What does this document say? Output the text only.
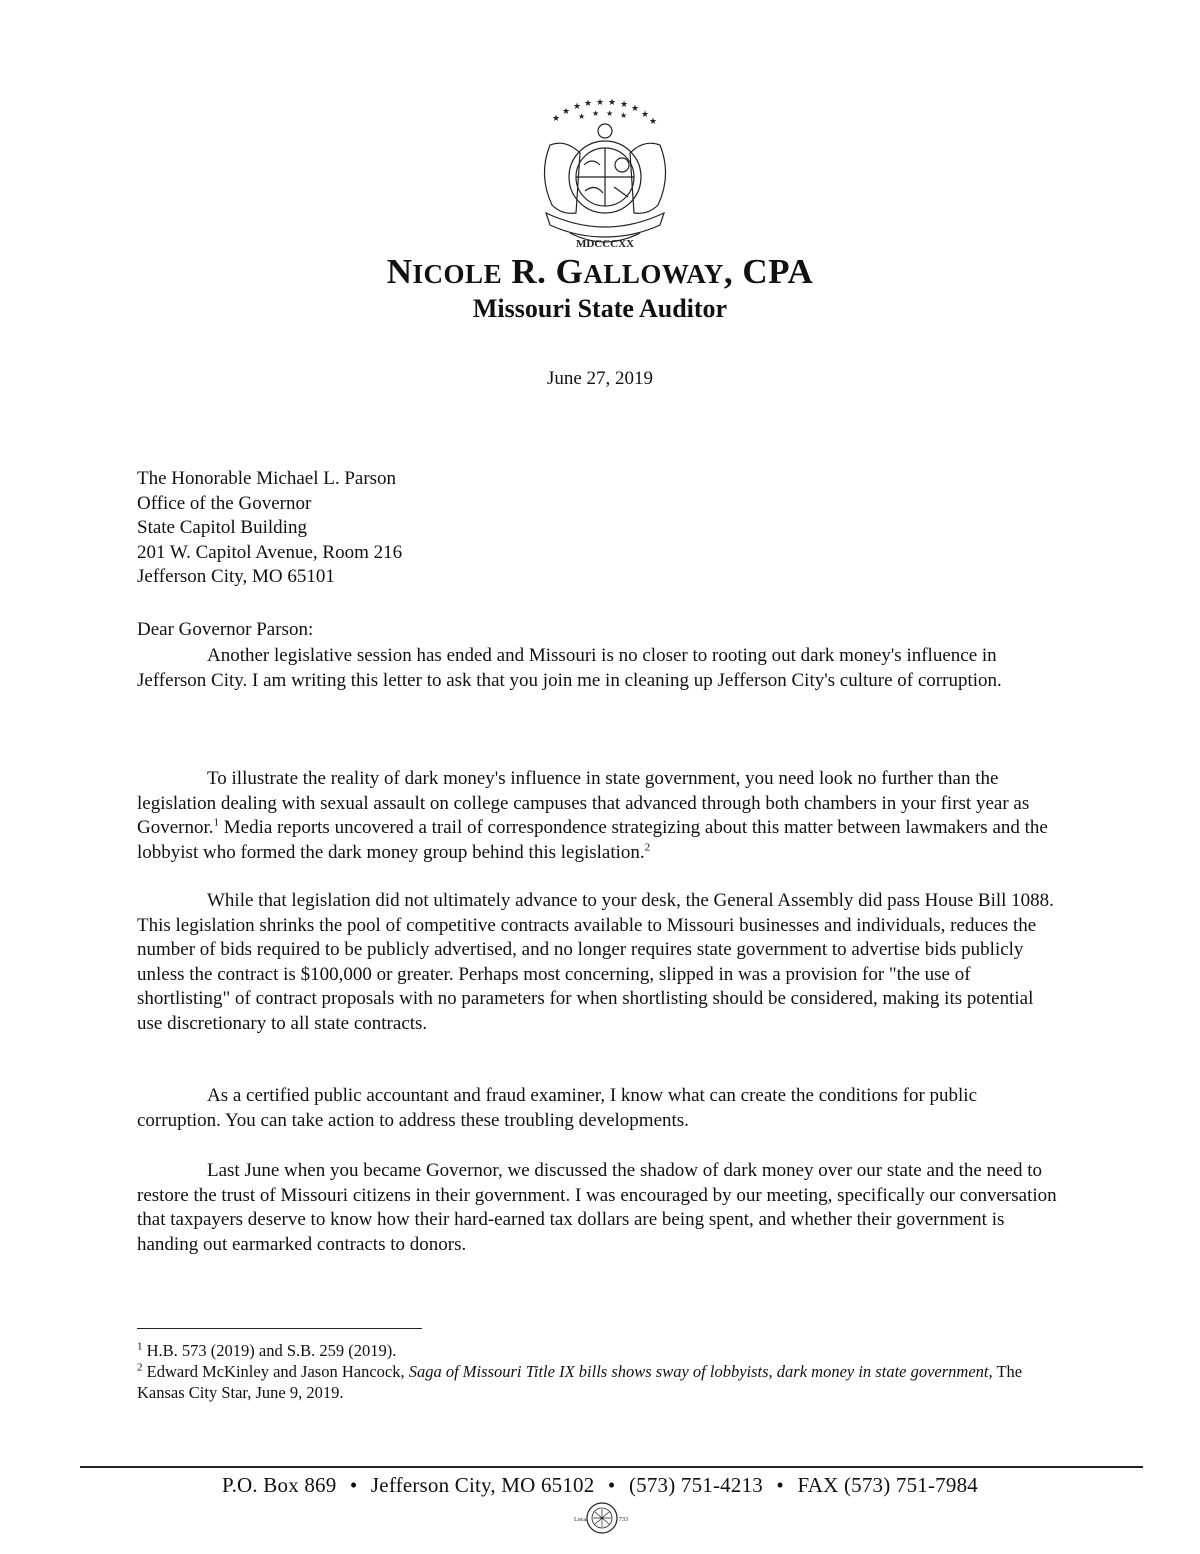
★
★ ★ ★ ★ ★ ★ ★
★
★
★ ★ ★ ★
MDCCCXX
NICOLE R. GALLOWAY, CPA
Missouri State Auditor
June 27, 2019
The Honorable Michael L. Parson
Office of the Governor
State Capitol Building
201 W. Capitol Avenue, Room 216
Jefferson City, MO 65101
Dear Governor Parson:

Another legislative session has ended and Missouri is no closer to rooting out dark money's influence in Jefferson City. I am writing this letter to ask that you join me in cleaning up Jefferson City's culture of corruption.

To illustrate the reality of dark money's influence in state government, you need look no further than the legislation dealing with sexual assault on college campuses that advanced through both chambers in your first year as Governor.$^1$ Media reports uncovered a trail of correspondence strategizing about this matter between lawmakers and the lobbyist who formed the dark money group behind this legislation.$^2$

While that legislation did not ultimately advance to your desk, the General Assembly did pass House Bill 1088. This legislation shrinks the pool of competitive contracts available to Missouri businesses and individuals, reduces the number of bids required to be publicly advertised, and no longer requires state government to advertise bids publicly unless the contract is $100,000 or greater. Perhaps most concerning, slipped in was a provision for "the use of shortlisting" of contract proposals with no parameters for when shortlisting should be considered, making its potential use discretionary to all state contracts.

As a certified public accountant and fraud examiner, I know what can create the conditions for public corruption. You can take action to address these troubling developments.

Last June when you became Governor, we discussed the shadow of dark money over our state and the need to restore the trust of Missouri citizens in their government. I was encouraged by our meeting, specifically our conversation that taxpayers deserve to know how their hard-earned tax dollars are being spent, and whether their government is handing out earmarked contracts to donors.

$^1$ H.B. 573 (2019) and S.B. 259 (2019).
$^2$ Edward McKinley and Jason Hancock, Saga of Missouri Title IX bills shows sway of lobbyists, dark money in state government, The Kansas City Star, June 9, 2019.
P.O. Box 869 • Jefferson City, MO 65102 • (573) 751-4213 • FAX (573) 751-7984
Local	733
